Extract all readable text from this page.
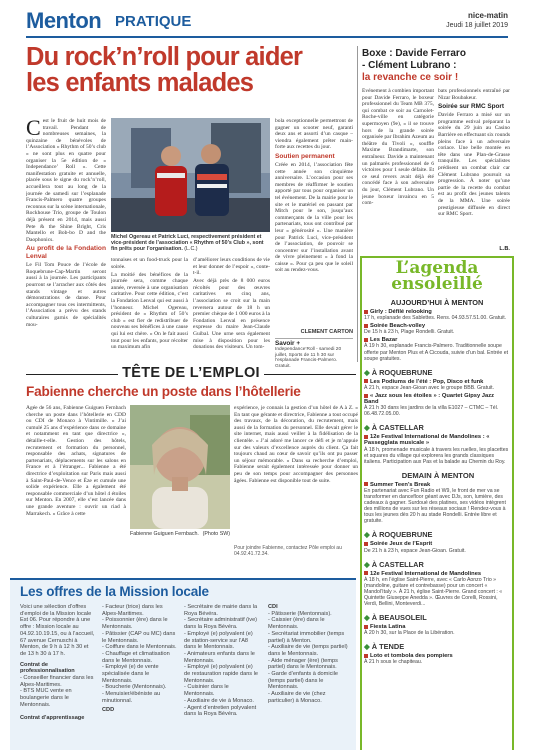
Menton PRATIQUE	nice-matin
Jeudi 18 juillet 2019
Du rock’n’roll pour aider
les enfants malades

Cest le fruit de huit mois de travail. Pendant de nombreuses semaines, la quinzaine de bénévoles de l’Association « Rhythm of 50’s club » ne sont plus en quatre pour organiser la 5e édition de « Independance’ Roll ». Cette manifestation gratuite et annuelle, placée sous le signe du rock’n’roll, accueillera tout au long de la journée de samedi sur l’esplanade Francis-Palmero quatre groupes reconnus sur la scène internationale, Rockhouse Trio, groupe de Toulon déjà présent en 2014, mais aussi Pete & the Shine Bright, Cris Mantello et Bob-bo D and the Daophonics.

Au profit de la Fondation Lenval

Le Fil Tom Pouce de l’école de Roquebrune-Cap-Martin seront aussi à la journée. Les participants pourront se l’arracher aux côtés des stands vintage et autres démonstrations de danse. Pour accompagner tous ces intermittents, l’Association a prévu des stands culturaires garnis de spécialités mou-

Michel Ogereau et Patrick Luci, respectivement président et vice-président de l’association « Rhythm of 50’s Club », sont fin prêts pour l’organisation. (L.C.)

tonnaises et un food-truck pour la soirée.

La moitié des bénéfices de la journée sera, comme chaque année, reversée à une organisation caritative. Pour cette édition, c’est la Fondation Lenval qui est aussi à l’honneur. Michel Ogereau, président de « Rhythm of 50’s club » est fier de redistribuer de nouveau ses bénéfices à une cause qui lui est chère. « On le fait aussi tout pour les enfants, pour récolter un maximum afin

d’améliorer leurs conditions de vie et leur donner de l’espoir », conte-t-il.

Avec déjà près de 8 000 euros récoltés pour des œuvres caritatives en cinq ans, l’association se croit sur la main reversera autour de 18 h un premier chèque de 1 000 euros à la Fondation Lenval en présence expresse du maire Jean-Claude Guibal. Une urne sera également mise à disposition pour les donations des visiteurs. Un tom-

bola exceptionnelle permettront de gagner un scooter neuf, garanti deux ans et assorti d’un casque – viendra également prêter main-forte aux recettes du jour.

Soutien permanent

Créée en 2014, l’association fête cette année son cinquième anniversaire. L’occasion pour ses membres de réaffirmer le soutien apporté par tous pour organiser un tel événement. De la mairie pour le site et le matériel en passant par Mitch pour le son, jusqu’aux commerçants de la ville pour les partenariats, tous ont contribué par leur « générosité ». Une manière pour Patrick Luci, vice-président de l’association, de pouvoir se concentrer sur l’installation avant de vivre pleinement « à fond la caisse ». Pour ça peu que le soleil soit au rendez-vous.

CLEMENT CARTON
Savoir +
Independance’Roll - samedi 20 juillet, Sports de 11 h 30 sur l’esplanade Francis-Palmero. Gratuit.
Boxe : Davide Ferraro
- Clément Lubrano :
la revanche ce soir !

Événement à combien important pour Davide Ferraro, le boxeur professionnel du Team MB 375, qui combat ce soir au Carnolet-Roche-ville en catégorie supermoyen (9e), « il se trouve hors de la grande soirée organisée par Ibrahim Azeum au théâtre du Tivoli », souffle Maxime Brandimarte, son entraîneur. Davide a maintenant un palmarès professionnel de 6 victoires pour 1 seule défaite. Et ce seul revers avait déjà été concédé face à son adversaire du jour, Clément Lubrano. Un jeune boxeur invaincu en 5 com-

bats professionnels entraîné par Nizar Boubakeur.

Soirée sur RMC Sport

Davide Ferraro a misé sur un programme estival préparant la soirée du 29 juin au Casino Barrière en effectuant six rounds pleins face à un adversaire coriace. Une belle montée en tête dans une Plan-de-Grasse tranquille. Les spécialistes prédisent un combat clair car Clément Lubrano poursuit sa progression. À noter qu’une partie de la recette du combat est au profit des jeunes talents de la MMA. Une soirée prestigieuse diffusée en direct sur RMC Sport.

L.B.
L’agenda
ensoleillé
AUJOURD’HUI À MENTON
Girly : Défilé relooking
17 h, esplanade des Sablettes. Rens. 04.93.57.51.00. Gratuit.
Soirée Beach-volley
De 15 h à 23 h, Plage Rondelli. Gratuit.
Les Bazar
À 19 h 30, esplanade Francis-Palmero. Traditionnelle soupe offerte par Menton Plus et A Cicouda, suivie d’un bal. Entrée et soupe gratuites.
◆ À ROQUEBRUNE
Les Podiums de l’été : Pop, Disco et funk
À 21 h, espace Jean-Gioan avec le groupe BBB. Gratuit.
« Jazz sous les étoiles » : Quartet Gipsy Jazz Band
À 21 h 30 dans les jardins de la villa E1027 – CTMC – Tél. 06.48.72.05.00.
◆ À CASTELLAR
12e Festival International de Mandolines : « Passegglata musicale »
À 18 h, promenade musicale à travers les ruelles, les placettes et squares du village qui explorera les grands classiques italiens. Participation aux Pas et la balade au Chemin du Roy.
DEMAIN À MENTON
Summer Teen’s Break
En partenariat avec Fun Radio et W9, le front de mer va se transformer en dancefloor géant avec DJs, son, lumière, des cadeaux à gagner. Surdoué des platines, ses vidéos intègrent des millions de vues sur les réseaux sociaux ! Rendez-vous à tous les jeunes dès 20 h au stade Rondelli. Entrée libre et gratuite.
◆ À ROQUEBRUNE
Soirée Jeux de l’Esprit
De 21 h à 23 h, espace Jean-Gioan. Gratuit.
◆ À CASTELLAR
12e Festival International de Mandolines
À 18 h, en l’église Saint-Pierre, avec « Carlo Aonzo Trio » (mandoline, guitare et contrebasse) pour un concert « Mandol’Italy ». À 21 h, église Saint-Pierre. Grand concert : « Quintette Giuseppe Anedda ». Œuvres de Corelli, Rossini, Verdi, Bellini, Monteverdi...
◆ À BEAUSOLEIL
Fiesta Latina
À 20 h 30, sur la Place de la Libération.
◆ À TENDE
Loto et tombola des pompiers
À 21 h sous le chapiteau.
TÊTE DE L’EMPLOI
Fabienne cherche un poste dans l’hôtellerie

Âgée de 56 ans, Fabienne Guiguen Fernbach cherche un poste dans l’hôtellerie en CDD ou CDI de Monaco à Vintimille. « J’ai cumulé 25 ans d’expérience dans ce domaine et notamment en tant que directrice », détaille-t-elle. Gestion des hôtels, recrutement et formation du personnel, responsable des achats, signatures de partenariats, déplacements sur les salons en France et à l’étranger... Fabienne a été directrice d’exploitation sur Paris mais aussi à Saint-Paul-de-Vence et Èze et cumule une solide expérience. Elle a également été responsable commerciale d’un hôtel 4 étoiles sur Menton. En 2007, elle s’est lancée dans une grande aventure : ouvrir un riad à Marrakech. « Grâce à cette

Fabienne Guiguen Fernbach. (Photo SW)

expérience, je connais la gestion d’un hôtel de A à Z. » En tant que gérante et directrice, Fabienne a tout occupé des travaux, de la décoration, du recrutement, mais aussi de la formation du personnel. Elle devait gérer le site internet, mais aussi veiller à la fidélisation de la clientèle. « J’ai adoré me lancer ce défi et je m’appuie sur des valeurs d’excellence auprès du client. Ça fait toujours chaud au cœur de savoir qu’ils ont pu passer un séjour mémorable. » Dans sa recherche d’emploi, Fabienne serait également intéressée pour donner un peu de son temps pour accompagner des personnes âgées. Fabienne est disponible tout de suite.

Pour joindre Fabienne, contactez Pôle emploi au 04.92.41.72.34.
Les offres de la Mission locale

Voici une sélection d’offres d’emploi de la Mission locale Est 06. Pour répondre à une offre : Mission locale au 04.92.10.19.15, ou à l’accueil, 67 avenue Cernuschi à Menton, de 9 h à 12 h 30 et de 13 h 30 à 17 h.

Contrat de professionnalisation

- Conseiller financier dans les Alpes-Maritimes.
- BTS MUC vente en boulangerie dans le Mentonnais.

Contrat d’apprentissage

- Facteur (trice) dans les Alpes-Maritimes.
- Poissonnier (ère) dans le Mentonnais.
- Pâtissier (CAP ou MC) dans le Mentonnais.
- Coiffure dans le Mentonnais.
- Chauffage et climatisation dans le Mentonnais.
- Employé (e) de vente spécialisée dans le Mentonnais.
- Boucherie (Mentonnais).
- Menuisier/ébéniste au minutionnal.

CDD

- Secrétaire de mairie dans la Roya Bévéra.
- Secrétaire administratif (ive) dans la Roya Bévéra.
- Employé (e) polyvalent (e) de station-service sur l’A8 dans le Mentonnais.
- Animateurs enfants dans le Mentonnais.
- Employé (e) polyvalent (e) de restauration rapide dans le Mentonnais.
- Cuisinier dans le Mentonnais.
- Auxiliaire de vie à Monaco.
- Agent d’entretien polyvalent dans la Roya Bévéra.

CDI

- Pâtisserie (Mentonnais).
- Caissier (ère) dans le Mentonnais.
- Secrétariat immobilier (temps partiel) à Menton.
- Auxiliaire de vie (temps partiel) dans le Mentonnais.
- Aide ménager (ère) (temps partiel) dans le Mentonnais.
- Garde d’enfants à domicile (temps partiel) dans le Mentonnais.
- Auxiliaire de vie (chez particulier) à Monaco.
